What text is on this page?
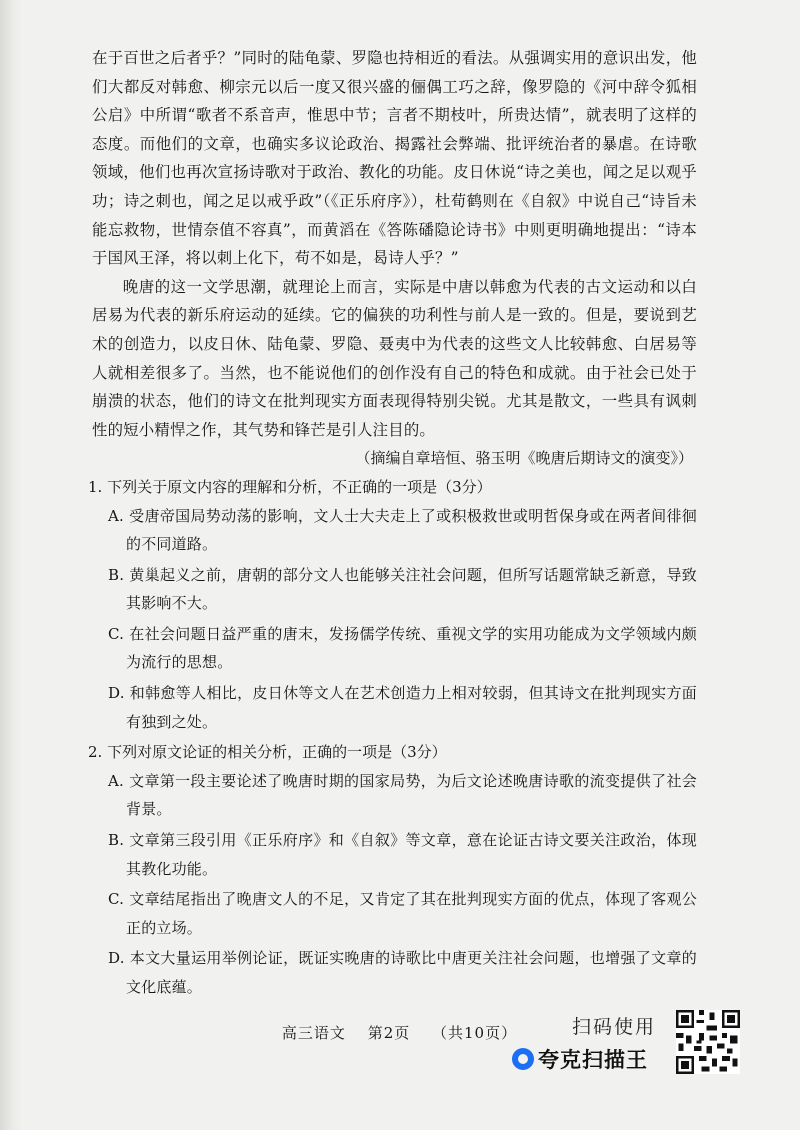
在于百世之后者乎？”同时的陆龟蒙、罗隐也持相近的看法。从强调实用的意识出发，他们大都反对韩愈、柳宗元以后一度又很兴盛的俪偶工巧之辞，像罗隐的《河中辞令狐相公启》中所谓“歌者不系音声，惟思中节；言者不期枝叶，所贵达情”，就表明了这样的态度。而他们的文章，也确实多议论政治、揭露社会弊端、批评统治者的暴虐。在诗歌领域，他们也再次宣扬诗歌对于政治、教化的功能。皮日休说“诗之美也，闻之足以观乎功；诗之刺也，闻之足以戒乎政”（《正乐府序》），杜荀鹤则在《自叙》中说自己“诗旨未能忘救物，世情奈值不容真”，而黄滔在《答陈磻隐论诗书》中则更明确地提出：“诗本于国风王泽，将以刺上化下，苟不如是，曷诗人乎？”

晚唐的这一文学思潮，就理论上而言，实际是中唐以韩愈为代表的古文运动和以白居易为代表的新乐府运动的延续。它的偏狭的功利性与前人是一致的。但是，要说到艺术的创造力，以皮日休、陆龟蒙、罗隐、聂夷中为代表的这些文人比较韩愈、白居易等人就相差很多了。当然，也不能说他们的创作没有自己的特色和成就。由于社会已处于崩溃的状态，他们的诗文在批判现实方面表现得特别尖锐。尤其是散文，一些具有讽刺性的短小精悍之作，其气势和锋芒是引人注目的。

（摘编自章培恒、骆玉明《晚唐后期诗文的演变》）

1. 下列关于原文内容的理解和分析，不正确的一项是（3分）

A. 受唐帝国局势动荡的影响，文人士大夫走上了或积极救世或明哲保身或在两者间徘徊的不同道路。
B. 黄巢起义之前，唐朝的部分文人也能够关注社会问题，但所写话题常缺乏新意，导致其影响不大。
C. 在社会问题日益严重的唐末，发扬儒学传统、重视文学的实用功能成为文学领域内颇为流行的思想。
D. 和韩愈等人相比，皮日休等文人在艺术创造力上相对较弱，但其诗文在批判现实方面有独到之处。

2. 下列对原文论证的相关分析，正确的一项是（3分）

A. 文章第一段主要论述了晚唐时期的国家局势，为后文论述晚唐诗歌的流变提供了社会背景。
B. 文章第三段引用《正乐府序》和《自叙》等文章，意在论证古诗文要关注政治，体现其教化功能。
C. 文章结尾指出了晚唐文人的不足，又肯定了其在批判现实方面的优点，体现了客观公正的立场。
D. 本文大量运用举例论证，既证实晚唐的诗歌比中唐更关注社会问题，也增强了文章的文化底蕴。
高三语文 第2页 （共10页）	扫码使用
夸克扫描王
